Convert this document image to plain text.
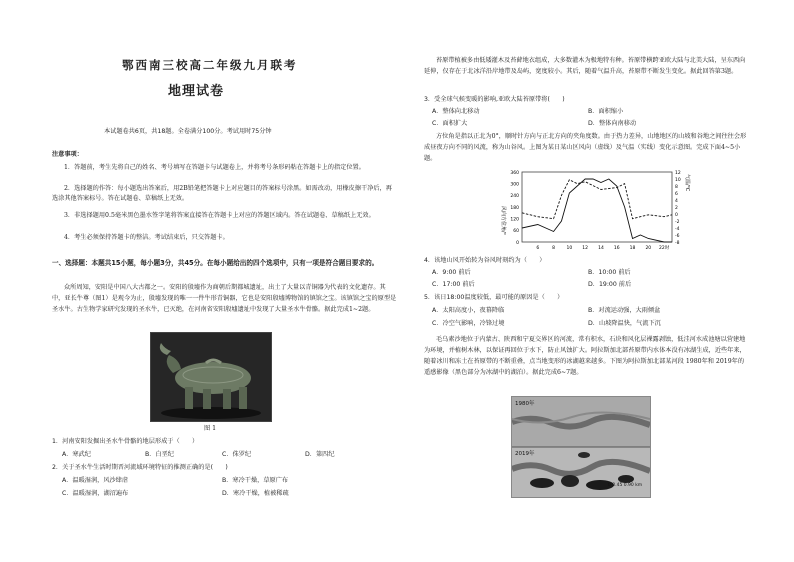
鄂西南三校高二年级九月联考
地理试卷
本试题卷共6页，共18题。全卷满分100分。考试用时75分钟
注意事项：
1．答题前，考生先将自己的姓名、考号填写在答题卡与试题卷上，并将考号条形码粘在答题卡上的指定位置。
2．选择题的作答：每小题选出答案后，用2B铅笔把答题卡上对应题目的答案标号涂黑。如需改动，用橡皮擦干净后，再选涂其他答案标号。答在试题卷、草稿纸上无效。
3．非选择题用0.5毫米黑色墨水签字笔将答案直接答在答题卡上对应的答题区域内。答在试题卷、草稿纸上无效。
4．考生必须保持答题卡的整洁。考试结束后，只交答题卡。
一、选择题：本题共15小题，每小题3分，共45分。在每小题给出的四个选项中，只有一项是符合题目要求的。
众所周知，安阳是中国八大古都之一。安阳的殷墟作为商朝后期都城遗址，出土了大量以青铜器为代表的文化遗存。其中，亚长牛尊（图1）是观今为止，殷墟发现的唯一一件牛形青铜器，它也是安阳殷墟博物馆的镇馆之宝。该镇馆之宝的原型是圣水牛。古生物学家研究发现的圣水牛，已灭绝，在河南省安阳殷墟遗址中发现了大量圣水牛骨骼。据此完成1~2题。
图 1
1．河南安阳发掘出圣水牛骨骼的地层形成于（　　）
A．寒武纪	B．白垩纪	C．侏罗纪	D．第四纪
2．关于圣水牛生活时期晋河流域环境特征的推测正确的是(　　)
A．温暖湿润，风沙肆虐	B．寒冷干燥，草原广布
C．温暖湿润，湖沼遍布	D．寒冷干燥，植被稀疏
苔原带植被多由低矮灌木及苔藓地衣组成，大多数灌木为极地特有种。苔原带横跨亚欧大陆与北美大陆，呈东西向延伸，仅存在于北冰洋沿岸地带及岛屿，宽度较小。其后，随着气温升高，苔原带不断发生变化。据此回答第3题。
3．受全球气候变暖的影响,亚欧大陆苔原带将(　　)
A．整体向北移动	B．面积缩小
C．面积扩大	D．整体向南移动
方位角是指以正北为0°，顺时针方向与正北方向的夹角度数。由于热力差异，山地地区的山坡和谷地之间往往会形成昼夜方向不同的风流，称为山谷风。上图为某日某山区风向（虚线）及气温（实线）变化示意图。完成下面4~5小题。
风向方位角/°
气温/℃
360
300
240
180
120
60
0
12
10
8
6
4
2
0
-2
-4
-6
-8
6	8	10 12 14 16 18 20 22时
4．该地山风开始转为谷风时刻约为（　　）
A．9:00 前后	B．10:00 前后
C．17:00 前后	D．19:00 前后
5．该日18:00温度较低，最可能的原因是（　　）
A．太阳高度小，夜幕降临	B．对流运动强，大雨倾盆
C．冷空气影响，冷锋过境	D．山坡降温快，气流下沉
毛乌素沙地位于内蒙古、陕西和宁夏交界区的河流，常有积水，石块和风化层裸露剥蚀，低洼河水成池塘以营建地为环境，并植树木林，以保证再回位于水下，防止风蚀扩大。阿拉斯加北部苔原带内水体本没有冰湖生成，近些年来，随着冰川和冻土在苔原带的不断重叠，点当地变形的冰湖越来越多。下图为阿拉斯加北部某河段 1980年和 2019年的遥感影像（黑色部分为冰湖中的湖泊）。据此完成6~7题。
1980年
2019年
0 0.45 0.90 km
